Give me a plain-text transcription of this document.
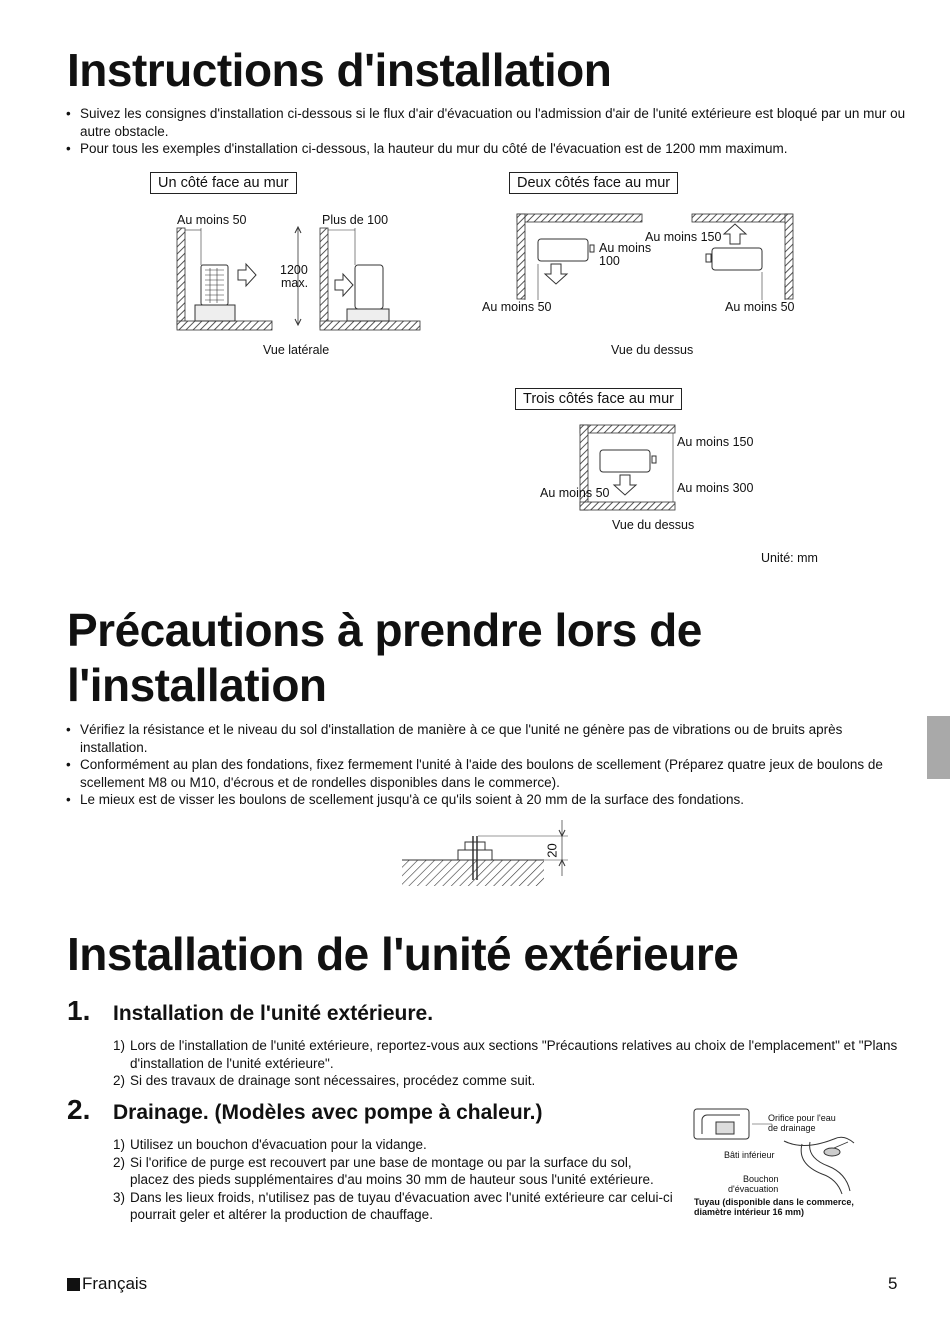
Instructions d'installation
• Suivez les consignes d'installation ci-dessous si le flux d'air d'évacuation ou l'admission d'air de l'unité extérieure est bloqué par un mur ou autre obstacle.
• Pour tous les exemples d'installation ci-dessous, la hauteur du mur du côté de l'évacuation est de 1200 mm maximum.
Un côté face au mur
Au moins 50	Plus de 100
1200
max.
Vue latérale
Deux côtés face au mur
Au moins 150
Au moins
100
Au moins 50	Au moins 50
Vue du dessus
Trois côtés face au mur
Au moins 150
Au moins 300
Au moins 50
Vue du dessus
Unité: mm
Précautions à prendre lors de
l'installation
• Vérifiez la résistance et le niveau du sol d'installation de manière à ce que l'unité ne génère pas de vibrations ou de bruits après installation.
• Conformément au plan des fondations, fixez fermement l'unité à l'aide des boulons de scellement (Préparez quatre jeux de boulons de scellement M8 ou M10, d'écrous et de rondelles disponibles dans le commerce).
• Le mieux est de visser les boulons de scellement jusqu'à ce qu'ils soient à 20 mm de la surface des fondations.
20
Installation de l'unité extérieure
1. Installation de l'unité extérieure.
1) Lors de l'installation de l'unité extérieure, reportez-vous aux sections "Précautions relatives au choix de l'emplacement" et "Plans d'installation de l'unité extérieure".
2) Si des travaux de drainage sont nécessaires, procédez comme suit.
2. Drainage. (Modèles avec pompe à chaleur.)
1) Utilisez un bouchon d'évacuation pour la vidange.
2) Si l'orifice de purge est recouvert par une base de montage ou par la surface du sol, placez des pieds supplémentaires d'au moins 30 mm de hauteur sous l'unité extérieure.
3) Dans les lieux froids, n'utilisez pas de tuyau d'évacuation avec l'unité extérieure car celui-ci pourrait geler et altérer la production de chauffage.
Orifice pour l'eau
de drainage
Bâti inférieur
Bouchon
d'évacuation
Tuyau (disponible dans le commerce,
diamètre intérieur 16 mm)
Français	5
